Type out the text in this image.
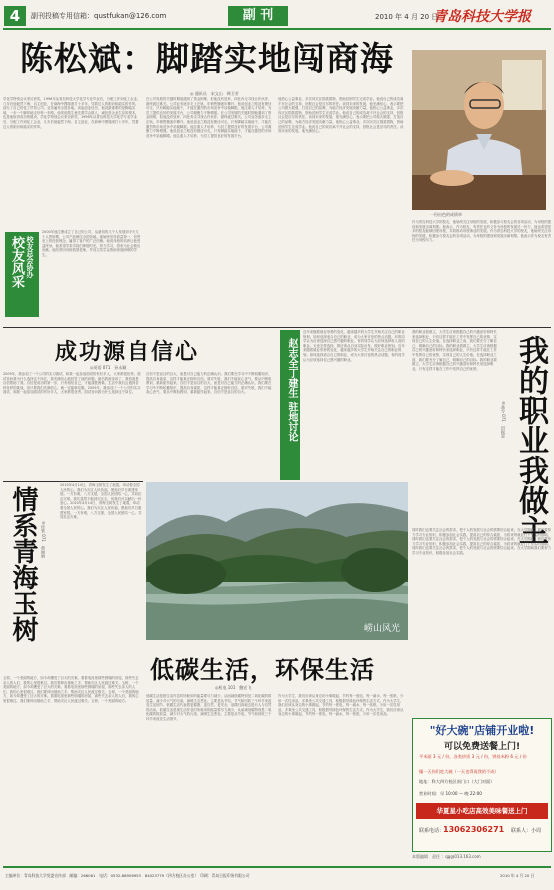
4	副刊投稿专用信箱：qustfukan@126.com	副 刊	2010 年 4 月 20 日
青岛科技大学报
陈松斌：脚踏实地闯商海
一份出色的成绩单
◎ 通讯员　宋文山　韩卫芳
学化学特别会议采访获奖，1996年从青岛科技大学化学专业毕业后，分配工作到化工企业，几年后他毅然下海，自主创业，在商海中摸爬滚打十多年，凭着过人的胆识和踏实的作风，创办了自己的化工贸易公司，业务遍布全国各地。谈起创业经历，他说最重要的是脚踏实地，一步一个脚印地走好每一步路。他常说做生意先要学会做人，诚信是企业生存的根本，也是他取得成功的秘诀。学化学特别会议采访获奖，1996年从青岛科技大学化学专业毕业后，分配工作到化工企业，几年后他毅然下海，自主创业，在商海中摸爬滚打十多年，凭着过人的胆识和踏实的作风。
2000年他注册成立了自己的公司，从最初的几个人发展到今天几十人的规模，公司产品销往全国各地。他始终坚持质量第一、信誉至上的经营理念，赢得了客户的广泛信赖。他说母校的培养让他受益终身，他希望学弟学妹们珍惜时光，努力学习，将来为社会做出贡献。他经常回母校看望老师，并设立奖学金资助家庭困难的学生。
在公司发展的关键时期他遇到了资金困难，但他没有放弃，四处奔走寻找合作伙伴，最终渡过难关。公司业务逐步走上正轨，年销售额逐年攀升。他说创业之路没有捷径可走，只有脚踏实地地干，才能在激烈的市场竞争中站稳脚跟。他注重人才培养，为员工提供良好的发展平台，公司凝聚力不断增强。在公司发展的关键时期他遇到了资金困难，但他没有放弃，四处奔走寻找合作伙伴，最终渡过难关。公司业务逐步走上正轨，年销售额逐年攀升。他说创业之路没有捷径可走，只有脚踏实地地干，才能在激烈的市场竞争中站稳脚跟。他注重人才培养，为员工提供良好的发展平台，公司凝聚力不断增强。他说创业之路没有捷径可走，只有脚踏实地地干，才能在激烈的市场竞争中站稳脚跟。他注重人才培养，为员工提供良好的发展平台。
他热心公益事业，多次向灾区捐款捐物，资助贫困学生完成学业。他说自己的成功离不开社会的支持，回报社会是应尽的责任。谈到未来的发展，他充满信心，表示要把公司做大做强，打造自己的品牌，为地方经济发展贡献力量。他热心公益事业，多次向灾区捐款捐物，资助贫困学生完成学业。他说自己的成功离不开社会的支持，回报社会是应尽的责任。谈到未来的发展，他充满信心，表示要把公司做大做强，打造自己的品牌，为地方经济发展贡献力量。他热心公益事业，多次向灾区捐款捐物，资助贫困学生完成学业。他说自己的成功离不开社会的支持，回报社会是应尽的责任。谈到未来的发展，他充满信心。
作为青岛科技大学的校友，他始终关注母校的发展，积极参与校友会的各项活动，为母校的建设和发展出谋划策。他表示，作为校友，有责任也有义务为母校的发展尽一份力，他也希望更多的校友能够回报母校，共同推动母校事业的发展。作为青岛科技大学的校友，他始终关注母校的发展，积极参与校友会的各项活动，为母校的建设和发展出谋划策。他表示作为校友有责任为母校尽力。
校友风采 校友总会协办
成功源自信心
◎英语 071　孙永颖
2009年，我参加了一个公司的实习面试，和我一起参加面试的有好多人，大家都很优秀。面试官问我为什么选择这个岗位，我充满信心地回答了他的问题。最后我被录用了，我知道是自信帮助了我。自信是成功的第一步，只有相信自己，才能战胜困难。生活中我们会遇到各种各样的挑战，但只要我们充满信心，就一定能够克服。2009年，我参加了一个公司的实习面试，和我一起参加面试的有好多人，大家都很优秀。面试官问我为什么选择这个岗位。
自信不是盲目的自大，而是对自己能力的正确认识。我们要在学习中不断积累知识，提高自身素质，这样才能真正拥有自信。面对失败，我们不能灰心丧气，要从中吸取教训，重新振作起来。自信不是盲目的自大，而是对自己能力的正确认识。我们要在学习中不断积累知识，提高自身素质，这样才能真正拥有自信。面对失败，我们不能灰心丧气，要从中吸取教训，重新振作起来。自信不是盲目的自大。	赵志全丁建生 驻地讨论
近年来随着就业形势的变化，越来越多的大学生开始关注自己的职业规划。如何选择适合自己的职业，成为大家讨论的热点话题。有的同学认为应该选择自己感兴趣的职业，有的同学认为应该选择收入高的职业。无论怎样选择，都应该从自身实际出发，做好职业规划。近年来随着就业形势的变化，越来越多的大学生开始关注自己的职业规划。如何选择适合自己的职业，成为大家讨论的热点话题。有的同学认为应该选择自己感兴趣的职业。	我的职业我做主
◎高分 071　田振星
我的职业我做主，大学生应该根据自己的兴趣爱好和特长来选择职业，只有这样才能在工作中发挥自己的优势，实现自己的人生价值。在选择职业之前，我们要充分了解自己，明确自己的目标。我的职业我做主，大学生应该根据自己的兴趣爱好和特长来选择职业，只有这样才能在工作中发挥自己的优势，实现自己的人生价值。在选择职业之前，我们要充分了解自己，明确自己的目标。我的职业我做主，大学生应该根据自己的兴趣爱好和特长来选择职业，只有这样才能在工作中发挥自己的优势。
同时我们也要关注社会的需求，把个人的发展与社会的需要结合起来。在大学期间，我们要努力学习专业知识，积极参加社会实践，提高自己的综合素质，为将来的就业打下坚实的基础。同时我们也要关注社会的需求，把个人的发展与社会的需要结合起来。在大学期间，我们要努力学习专业知识，积极参加社会实践，提高自己的综合素质，为将来的就业打下坚实的基础。同时我们也要关注社会的需求，把个人的发展与社会的需要结合起来。在大学期间我们要努力学习专业知识，积极参加社会实践。
情系青海玉树 ◎经管 071　黄丽娟
2010年4月14日，青海玉树发生了地震，牵动着全国人民的心。我们为灾区人民祈福，愿他们早日重建家园。一方有难，八方支援，全国人民团结一心，共同抗击灾难。我们虽然不能到灾区去，但我们可以献出一份爱心。2010年4月14日，青海玉树发生了地震，牵动着全国人民的心。我们为灾区人民祈福，愿他们早日重建家园。一方有难，八方支援，全国人民团结一心，共同抗击灾难。
玉树，一个美丽的地方，如今却遭受了巨大的灾难。看着电视里那些倒塌的房屋，那些失去亲人的人们，我的心里很难过。我们要伸出援助之手，帮助灾区人民渡过难关。玉树，一个美丽的地方，如今却遭受了巨大的灾难。看着电视里那些倒塌的房屋，那些失去亲人的人们，我的心里很难过。我们要伸出援助之手，帮助灾区人民渡过难关。玉树，一个美丽的地方，如今却遭受了巨大的灾难。看着电视里那些倒塌的房屋，那些失去亲人的人们，我的心里很难过。我们要伸出援助之手，帮助灾区人民渡过难关。玉树，一个美丽的地方。
崂山风光
低碳生活，环保生活
◎机电 101　鲍宏飞
低碳生活是指生活作息时所耗用的能量要尽力减少，从而减低碳特别是二氧化碳的排放量，减少对大气的污染，减缓生态恶化。主要是从节电、节气和回收三个环节来改变生活细节。低碳生活代表着更健康、更自然、更安全，返璞归真地去进行人与自然的活动。低碳生活是指生活作息时所耗用的能量要尽力减少，从而减低碳特别是二氧化碳的排放量，减少对大气的污染，减缓生态恶化。主要是从节电、节气和回收三个环节来改变生活细节。
作为大学生，我们应该从身边的小事做起，节约每一度电、每一滴水、每一张纸，少用一次性用品，多乘坐公共交通工具，积极倡导绿色环保的生活方式。作为大学生，我们应该从身边的小事做起，节约每一度电、每一滴水、每一张纸，少用一次性用品，多乘坐公共交通工具，积极倡导绿色环保的生活方式。作为大学生，我们应该从身边的小事做起，节约每一度电、每一滴水、每一张纸，少用一次性用品。
"好大碗"店铺开业啦!
可以免费送餐上门!
平米面 3 元 / 份，各类炒饭 3 元 / 份，饼丝米粉 6 元 / 份
爆一天你们吃大碗（一天也得再我的不成）
地址：科大四方校区南门口（大门对面）
营业时间：早 10:00 — 晚 22:00
华夏星小吃店高效美味餐送上门
联系电话：
13062306271 联系人：小周
本版编辑　责任 ：qg@013.163.com
主编单位：青岛科技大学党委宣传部　邮编：266061　电话：0532-88956953　84023779（四方校区办公室）　印刷：青岛日报印务有限公司	2010 年 4 月 20 日
